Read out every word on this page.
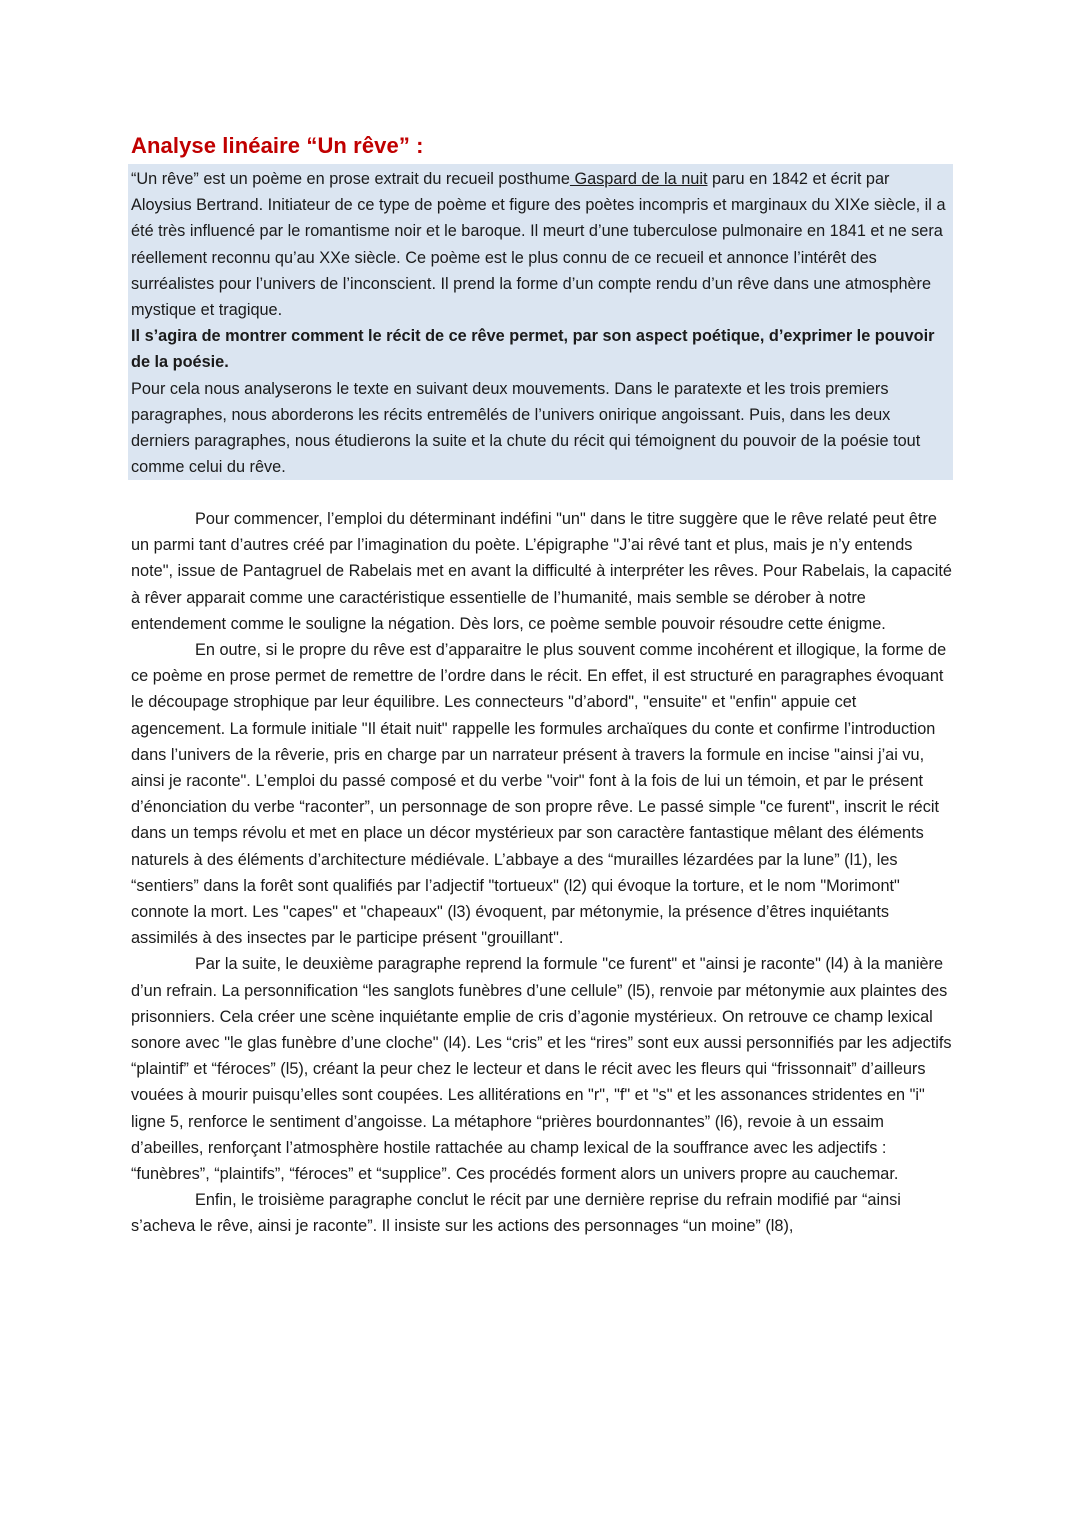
Analyse linéaire “Un rêve” :

“Un rêve” est un poème en prose extrait du recueil posthume Gaspard de la nuit paru en 1842 et écrit par Aloysius Bertrand. Initiateur de ce type de poème et figure des poètes incompris et marginaux du XIXe siècle, il a été très influencé par le romantisme noir et le baroque. Il meurt d’une tuberculose pulmonaire en 1841 et ne sera réellement reconnu qu’au XXe siècle. Ce poème est le plus connu de ce recueil et annonce l’intérêt des surréalistes pour l’univers de l’inconscient. Il prend la forme d’un compte rendu d’un rêve dans une atmosphère mystique et tragique.

Il s’agira de montrer comment le récit de ce rêve permet, par son aspect poétique, d’exprimer le pouvoir de la poésie.

Pour cela nous analyserons le texte en suivant deux mouvements. Dans le paratexte et les trois premiers paragraphes, nous aborderons les récits entremêlés de l’univers onirique angoissant. Puis, dans les deux derniers paragraphes, nous étudierons la suite et la chute du récit qui témoignent du pouvoir de la poésie tout comme celui du rêve.

Pour commencer, l’emploi du déterminant indéfini "un" dans le titre suggère que le rêve relaté peut être un parmi tant d’autres créé par l’imagination du poète. L’épigraphe "J’ai rêvé tant et plus, mais je n’y entends note", issue de Pantagruel de Rabelais met en avant la difficulté à interpréter les rêves. Pour Rabelais, la capacité à rêver apparait comme une caractéristique essentielle de l’humanité, mais semble se dérober à notre entendement comme le souligne la négation. Dès lors, ce poème semble pouvoir résoudre cette énigme.

En outre, si le propre du rêve est d’apparaitre le plus souvent comme incohérent et illogique, la forme de ce poème en prose permet de remettre de l’ordre dans le récit. En effet, il est structuré en paragraphes évoquant le découpage strophique par leur équilibre. Les connecteurs "d’abord", "ensuite" et "enfin" appuie cet agencement. La formule initiale "Il était nuit" rappelle les formules archaïques du conte et confirme l’introduction dans l’univers de la rêverie, pris en charge par un narrateur présent à travers la formule en incise "ainsi j’ai vu, ainsi je raconte". L’emploi du passé composé et du verbe "voir" font à la fois de lui un témoin, et par le présent d’énonciation du verbe “raconter”, un personnage de son propre rêve. Le passé simple "ce furent", inscrit le récit dans un temps révolu et met en place un décor mystérieux par son caractère fantastique mêlant des éléments naturels à des éléments d’architecture médiévale. L’abbaye a des “murailles lézardées par la lune” (l1), les “sentiers” dans la forêt sont qualifiés par l’adjectif "tortueux" (l2) qui évoque la torture, et le nom "Morimont" connote la mort. Les "capes" et "chapeaux" (l3) évoquent, par métonymie, la présence d’êtres inquiétants assimilés à des insectes par le participe présent "grouillant".

Par la suite, le deuxième paragraphe reprend la formule "ce furent" et "ainsi je raconte" (l4) à la manière d’un refrain. La personnification “les sanglots funèbres d’une cellule” (l5), renvoie par métonymie aux plaintes des prisonniers. Cela créer une scène inquiétante emplie de cris d’agonie mystérieux. On retrouve ce champ lexical sonore avec "le glas funèbre d’une cloche" (l4). Les “cris” et les “rires” sont eux aussi personnifiés par les adjectifs “plaintif” et “féroces” (l5), créant la peur chez le lecteur et dans le récit avec les fleurs qui “frissonnait” d’ailleurs vouées à mourir puisqu’elles sont coupées. Les allitérations en "r", "f" et "s" et les assonances stridentes en "i" ligne 5, renforce le sentiment d’angoisse. La métaphore “prières bourdonnantes” (l6), revoie à un essaim d’abeilles, renforçant l’atmosphère hostile rattachée au champ lexical de la souffrance avec les adjectifs : “funèbres”, “plaintifs”, “féroces” et “supplice”. Ces procédés forment alors un univers propre au cauchemar.

Enfin, le troisième paragraphe conclut le récit par une dernière reprise du refrain modifié par “ainsi s’acheva le rêve, ainsi je raconte”. Il insiste sur les actions des personnages “un moine” (l8),
